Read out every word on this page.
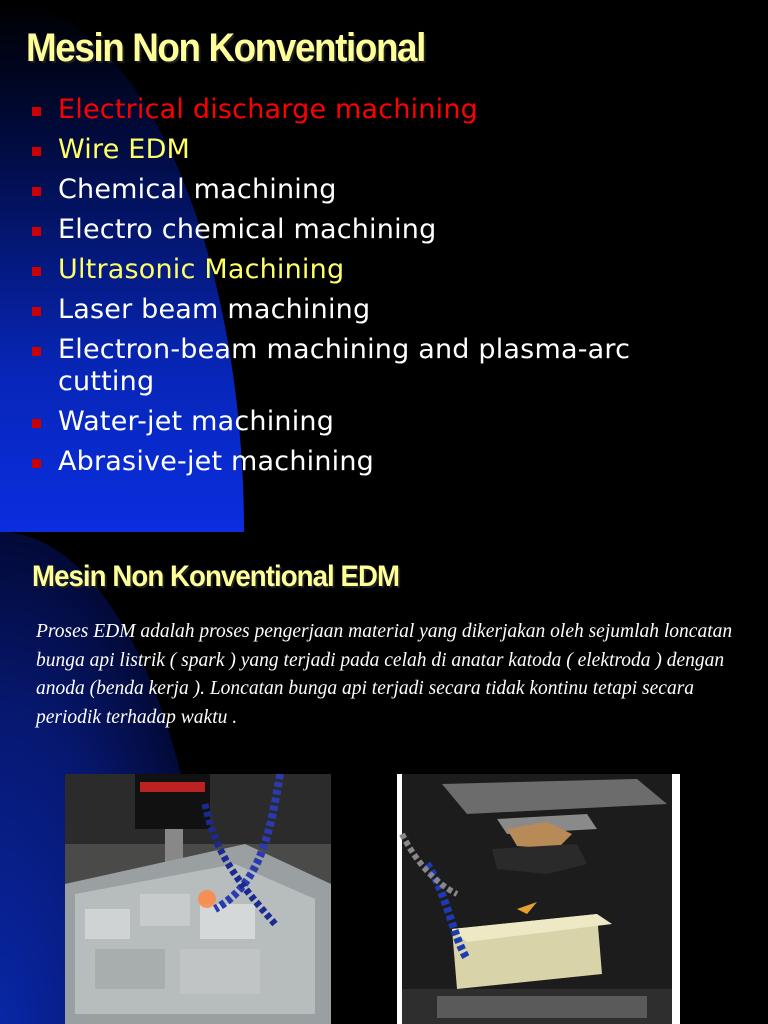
Mesin Non Konventional
Electrical discharge machining
Wire EDM
Chemical machining
Electro chemical machining
Ultrasonic Machining
Laser beam machining
Electron-beam machining and plasma-arc cutting
Water-jet machining
Abrasive-jet machining
Mesin Non Konventional EDM

Proses EDM adalah proses pengerjaan material yang dikerjakan oleh sejumlah loncatan bunga api listrik ( spark ) yang terjadi pada celah di anatar katoda ( elektroda ) dengan anoda (benda kerja ). Loncatan bunga api terjadi secara tidak kontinu tetapi secara periodik terhadap waktu .
